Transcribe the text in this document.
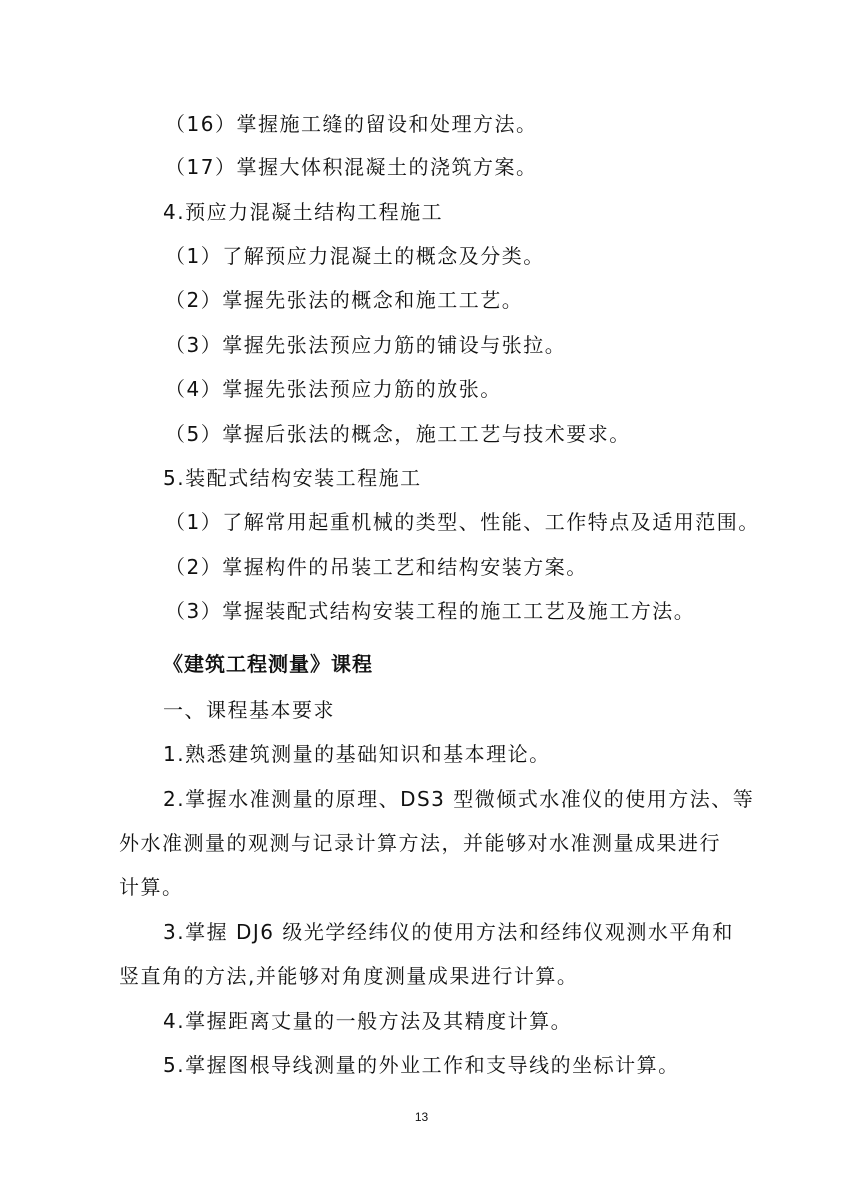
（16）掌握施工缝的留设和处理方法。
（17）掌握大体积混凝土的浇筑方案。
4.预应力混凝土结构工程施工
（1）了解预应力混凝土的概念及分类。
（2）掌握先张法的概念和施工工艺。
（3）掌握先张法预应力筋的铺设与张拉。
（4）掌握先张法预应力筋的放张。
（5）掌握后张法的概念，施工工艺与技术要求。
5.装配式结构安装工程施工
（1）了解常用起重机械的类型、性能、工作特点及适用范围。
（2）掌握构件的吊装工艺和结构安装方案。
（3）掌握装配式结构安装工程的施工工艺及施工方法。
《建筑工程测量》课程
一、课程基本要求
1.熟悉建筑测量的基础知识和基本理论。
2.掌握水准测量的原理、DS3 型微倾式水准仪的使用方法、等
外水准测量的观测与记录计算方法，并能够对水准测量成果进行
计算。
3.掌握 DJ6 级光学经纬仪的使用方法和经纬仪观测水平角和
竖直角的方法,并能够对角度测量成果进行计算。
4.掌握距离丈量的一般方法及其精度计算。
5.掌握图根导线测量的外业工作和支导线的坐标计算。
13
